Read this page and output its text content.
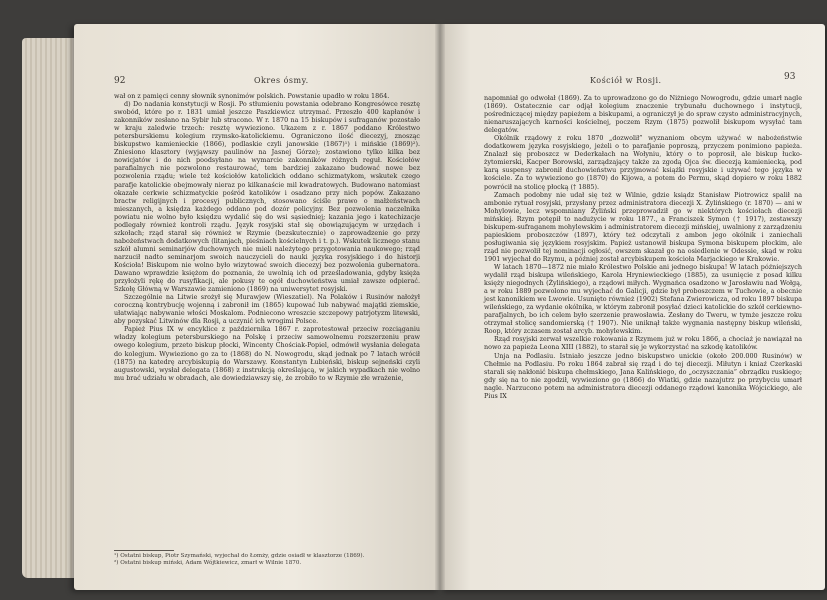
92	Okres ósmy.

wał on z pamięci cenny słownik synonimów polskich. Powstanie upadło w roku 1864.

d) Do nadania konstytucji w Rosji. Po stłumieniu powstania odebrano Kongresówce resztę swobód, które po r. 1831 umiał jeszcze Paszkiewicz utrzymać. Przeszło 400 kapłanów i zakonników zesłano na Sybir lub stracono. W r. 1870 na 15 biskupów i sufraganów pozostało w kraju zaledwie trzech: resztę wywieziono. Ukazem z r. 1867 poddano Królestwo petersburskiemu kolegium rzymsko-katolickiemu. Ograniczono ilość diecezyj, znosząc biskupstwo kamienieckie (1866), podlaskie czyli janowskie (1867)¹) i mińskie (1869)²). Zniesiono klasztory (wyjąwszy paulinów na Jasnej Górze); zostawiono tylko kilka bez nowicjatów i do nich poodsyłano na wymarcie zakonników różnych reguł. Kościołów parafialnych nie pozwolono restaurować, tem bardziej zakazano budować nowe bez pozwolenia rządu; wiele też kościołów katolickich oddano schizmatykom, wskutek czego parafje katolickie obejmowały nieraz po kilkanaście mil kwadratowych. Budowano natomiast okazałe cerkwie schizmatyckie pośród katolików i osadzano przy nich popów. Zakazano bractw religijnych i procesyj publicznych, stosowano ściśle prawo o małżeństwach mieszanych, a księdza każdego oddano pod dozór policyjny. Bez pozwolenia naczelnika powiatu nie wolno było księdzu wydalić się do wsi sąsiedniej; kazania jego i katechizacje podlegały również kontroli rządu. Język rosyjski stał się obowiązującym w urzędach i szkołach; rząd starał się również w Rzymie (bezskutecznie) o zaprowadzenie go przy nabożeństwach dodatkowych (litanjach, pieśniach kościelnych i t. p.). Wskutek licznego stanu szkół alumni seminarjów duchownych nie mieli należytego przygotowania naukowego; rząd narzucił nadto seminarjom swoich nauczycieli do nauki języka rosyjskiego i do historji Kościoła! Biskupom nie wolno było wizytować swoich diecezyj bez pozwolenia gubernatora. Dawano wprawdzie księżom do poznania, że uwolnią ich od prześladowania, gdyby księża przyłożyli rękę do rusyfikacji, ale pokusy te ogół duchowieństwa umiał zawsze odpierać. Szkołę Główną w Warszawie zamieniono (1869) na uniwersytet rosyjski.

Szczególnie na Litwie srożył się Murawjew (Wieszatiel). Na Polaków i Rusinów nałożył coroczną kontrybucję wojenną i zabronił im (1865) kupować lub nabywać majątki ziemskie, ułatwiając nabywanie włości Moskalom. Podniecono wreszcie szczepowy patrjotyzm litewski, aby pozyskać Litwinów dla Rosji, a uczynić ich wrogimi Polsce.

Papież Pius IX w encyklice z października 1867 r. zaprotestował przeciw rozciąganiu władzy kolegium petersburskiego na Polskę i przeciw samowolnemu rozszerzeniu praw owego kolegium, przeto biskup płocki, Wincenty Chościak-Popiel, odmówił wysłania delegata do kolegjum. Wywieziono go za to (1868) do N. Nowogrodu, skąd jednak po 7 latach wrócił (1875) na katedrę arcybiskupią do Warszawy. Konstantyn Łubieński, biskup sejneński czyli augustowski, wysłał delegata (1868) z instrukcją określającą, w jakich wypadkach nie wolno mu brać udziału w obradach, ale dowiedziawszy się, że zrobiło to w Rzymie złe wrażenie,

¹) Ostatni biskup, Piotr Szymański, wyjechał do Łomży, gdzie osiadł w klasztorze (1869).

²) Ostatni biskup miński, Adam Wójtkiewicz, zmarł w Wilnie 1870.

Kościół w Rosji.	93

napomniał go odwołał (1869). Za to uprowadzono go do Niżniego Nowogrodu, gdzie umarł nagle (1869). Ostatecznie car odjął kolegium znaczenie trybunału duchownego i instytucji, pośredniczącej między papieżem a biskupami, a ograniczył je do spraw czysto administracyjnych, nienaruszających karności kościelnej, poczem Rzym (1875) pozwolił biskupom wysyłać tam delegatów.

Okólnik rządowy z roku 1870 „dozwolił” wyznaniom obcym używać w nabożeństwie dodatkowem języka rosyjskiego, jeżeli o to parafjanie poproszą, przyczem ponimiono papieża. Znalazł się proboszcz w Dederkałach na Wołyniu, który o to poprosił, ale biskup łucko-żytomierski, Kacper Borowski, zarządzający także za zgodą Ojca św. diecezją kamieniecką, pod karą suspensy zabronił duchowieństwu przyjmować książki rosyjskie i używać tego języka w kościele. Za to wywieziono go (1870) do Kijowa, a potem do Permu, skąd dopiero w roku 1882 powrócił na stolicę płocką († 1885).

Zamach podobny nie udał się też w Wilnie, gdzie ksiądz Stanisław Piotrowicz spalił na ambonie rytuał rosyjski, przysłany przez administratora diecezji X. Żylińskiego (r. 1870) — ani w Mohylowie, lecz wspomniany Żyliński przeprowadził go w niektórych kościołach diecezji mińskiej. Rzym potępił to nadużycie w roku 1877., a Franciszek Symon († 1917), zestawszy biskupem-sufraganem mohylewskim i administratorem diecezji mińskiej, uwalniony z zarządzeniu papieskiem proboszczów (1897), który też odczytali z ambon jego okólnik i zaniechali posługiwania się językiem rosyjskim. Papież ustanowił biskupa Symona biskupem płockim, ale rząd nie pozwolił tej nominacji ogłosić, owszem skazał go na osiedlenie w Odessie, skąd w roku 1901 wyjechał do Rzymu, a później został arcybiskupem kościoła Marjackiego w Krakowie.

W latach 1870—1872 nie miało Królestwo Polskie ani jednego biskupa! W latach późniejszych wydalił rząd biskupa wileńskiego, Karola Hryniewieckiego (1885), za usunięcie z posad kilku księży niegodnych (Żylińskiego), a rządowi miłych. Wygnańca osadzono w Jarosławiu nad Wołgą, a w roku 1889 pozwolono mu wyjechać do Galicji, gdzie był proboszczem w Tuchowie, a obecnie jest kanonikiem we Lwowie. Usunięto również (1902) Stefana Zwierowicza, od roku 1897 biskupa wileńskiego, za wydanie okólnika, w którym zabronił posyłać dzieci katolickie do szkół cerkiewno-parafjalnych, bo ich celem było szerzenie prawosławia. Zesłany do Tweru, w tymże jeszcze roku otrzymał stolicę sandomierską († 1907). Nie uniknął także wygnania następny biskup wileński, Roop, który zczasem został arcyb. mohylewskim.

Rząd rosyjski zerwał wszelkie rokowania z Rzymem już w roku 1866, a chociaż je nawiązał na nowo za papieża Leona XIII (1882), to starał się je wykorzystać na szkodę katolików.

Unja na Podlasiu. Istniało jeszcze jedno biskupstwo unickie (około 200.000 Rusinów) w Chełmie na Podlasiu. Po roku 1864 zabrał się rząd i do tej diecezji. Miłutyn i kniaź Czerkaski starali się nakłonić biskupa chełmskiego, Jana Kalińskiego, do „oczyszczania” obrządku ruskiego; gdy się na to nie zgodził, wywieziono go (1866) do Wiatki, gdzie nazajutrz po przybyciu umarł nagle. Narzucono potem na administratora diecezji oddanego rządowi kanonika Wójcickiego, ale Pius IX
